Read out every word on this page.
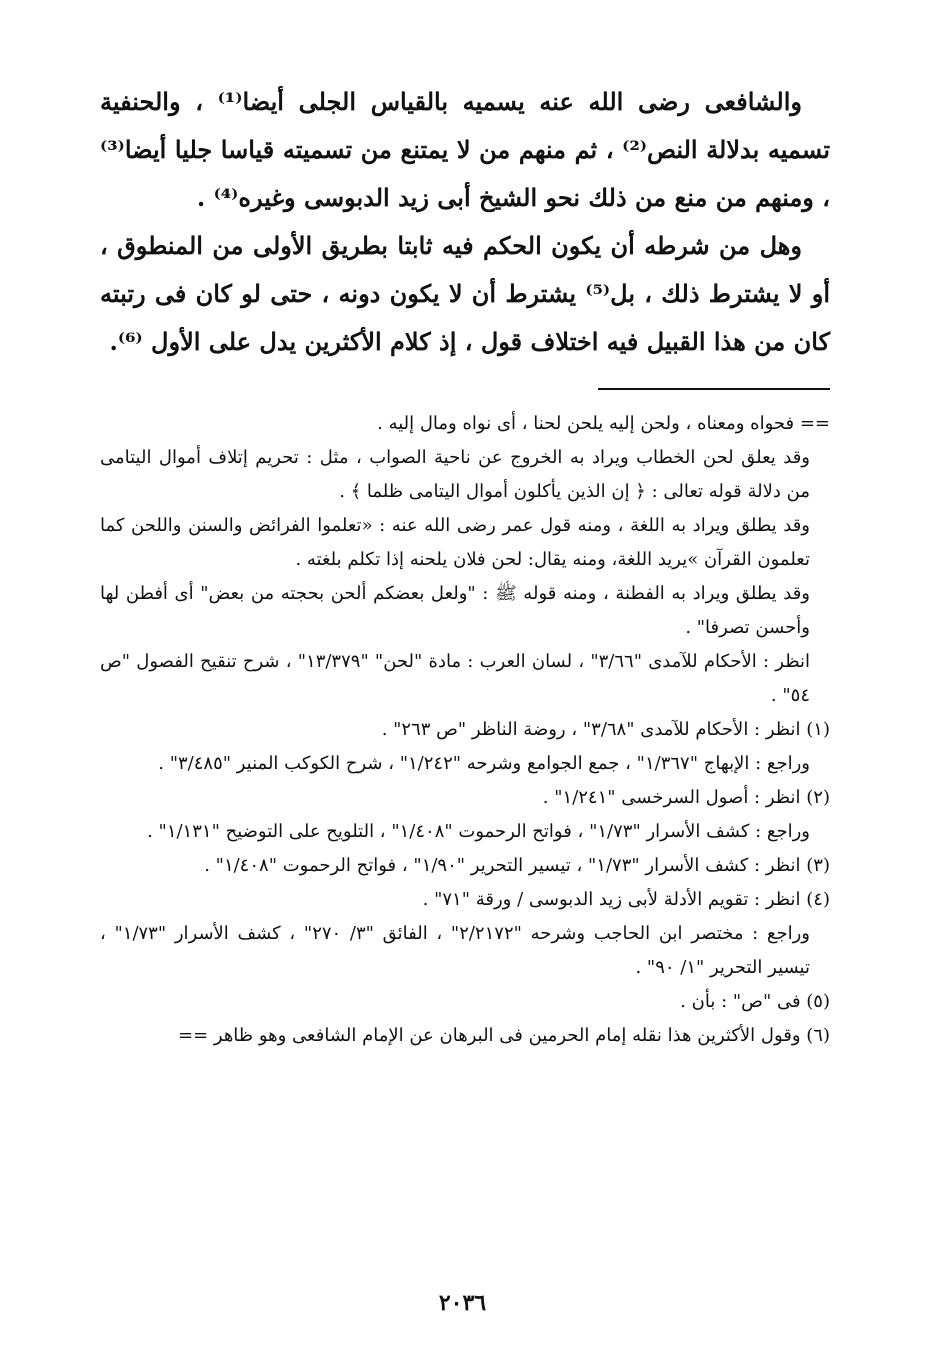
والشافعى رضى الله عنه يسميه بالقياس الجلى أيضا⁽¹⁾ ، والحنفية تسميه بدلالة النص⁽²⁾ ، ثم منهم من لا يمتنع من تسميته قياسا جليا أيضا⁽³⁾ ، ومنهم من منع من ذلك نحو الشيخ أبى زيد الدبوسى وغيره⁽⁴⁾ .

وهل من شرطه أن يكون الحكم فيه ثابتا بطريق الأولى من المنطوق ، أو لا يشترط ذلك ، بل⁽⁵⁾ يشترط أن لا يكون دونه ، حتى لو كان فى رتبته كان من هذا القبيل فيه اختلاف قول ، إذ كلام الأكثرين يدل على الأول ⁽⁶⁾.

== فحواه ومعناه ، ولحن إليه يلحن لحنا ، أى نواه ومال إليه .

وقد يعلق لحن الخطاب ويراد به الخروج عن ناحية الصواب ، مثل : تحريم إتلاف أموال اليتامى من دلالة قوله تعالى : ﴿ إن الذين يأكلون أموال اليتامى ظلما ﴾ .

وقد يطلق ويراد به اللغة ، ومنه قول عمر رضى الله عنه : «تعلموا الفرائض والسنن واللحن كما تعلمون القرآن »يريد اللغة، ومنه يقال: لحن فلان يلحنه إذا تكلم بلغته .

وقد يطلق ويراد به الفطنة ، ومنه قوله ﷺ : "ولعل بعضكم ألحن بحجته من بعض" أى أفطن لها وأحسن تصرفا" .

انظر : الأحكام للآمدى "٣/٦٦" ، لسان العرب : مادة "لحن" "١٣/٣٧٩" ، شرح تنقيح الفصول "ص ٥٤" .

(١) انظر : الأحكام للآمدى "٣/٦٨" ، روضة الناظر "ص ٢٦٣" .

وراجع : الإبهاج "١/٣٦٧" ، جمع الجوامع وشرحه "١/٢٤٢" ، شرح الكوكب المنير "٣/٤٨٥" .

(٢) انظر : أصول السرخسى "١/٢٤١" .

وراجع : كشف الأسرار "١/٧٣" ، فواتح الرحموت "١/٤٠٨" ، التلويح على التوضيح "١/١٣١" .

(٣) انظر : كشف الأسرار "١/٧٣" ، تيسير التحرير "١/٩٠" ، فواتح الرحموت "١/٤٠٨" .

(٤) انظر : تقويم الأدلة لأبى زيد الدبوسى / ورقة "٧١" .

وراجع : مختصر ابن الحاجب وشرحه "٢/٢١٧٢" ، الفائق "٣/ ٢٧٠" ، كشف الأسرار "١/٧٣" ، تيسير التحرير "١/ ٩٠" .

(٥) فى "ص" : بأن .

(٦) وقول الأكثرين هذا نقله إمام الحرمين فى البرهان عن الإمام الشافعى وهو ظاهر ==

٢٠٣٦
